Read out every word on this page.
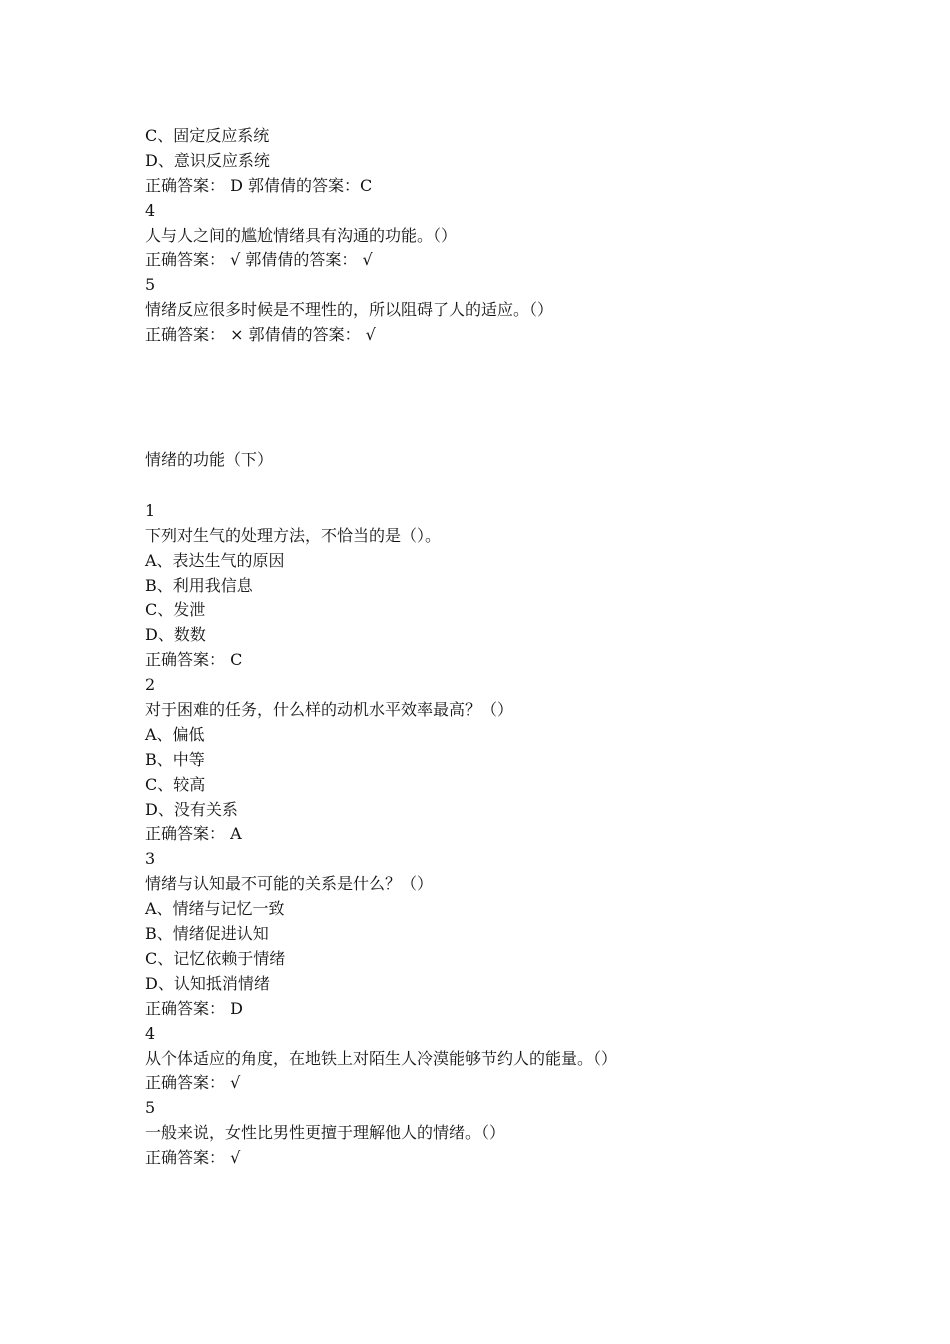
C、固定反应系统
D、意识反应系统
正确答案： D 郭倩倩的答案：C
4
人与人之间的尴尬情绪具有沟通的功能。（）
正确答案： √ 郭倩倩的答案： √
5
情绪反应很多时候是不理性的，所以阻碍了人的适应。（）
正确答案： × 郭倩倩的答案： √
情绪的功能（下）
1
下列对生气的处理方法，不恰当的是（）。
A、表达生气的原因
B、利用我信息
C、发泄
D、数数
正确答案： C
2
对于困难的任务，什么样的动机水平效率最高？（）
A、偏低
B、中等
C、较高
D、没有关系
正确答案： A
3
情绪与认知最不可能的关系是什么？（）
A、情绪与记忆一致
B、情绪促进认知
C、记忆依赖于情绪
D、认知抵消情绪
正确答案： D
4
从个体适应的角度，在地铁上对陌生人冷漠能够节约人的能量。（）
正确答案： √
5
一般来说，女性比男性更擅于理解他人的情绪。（）
正确答案： √
